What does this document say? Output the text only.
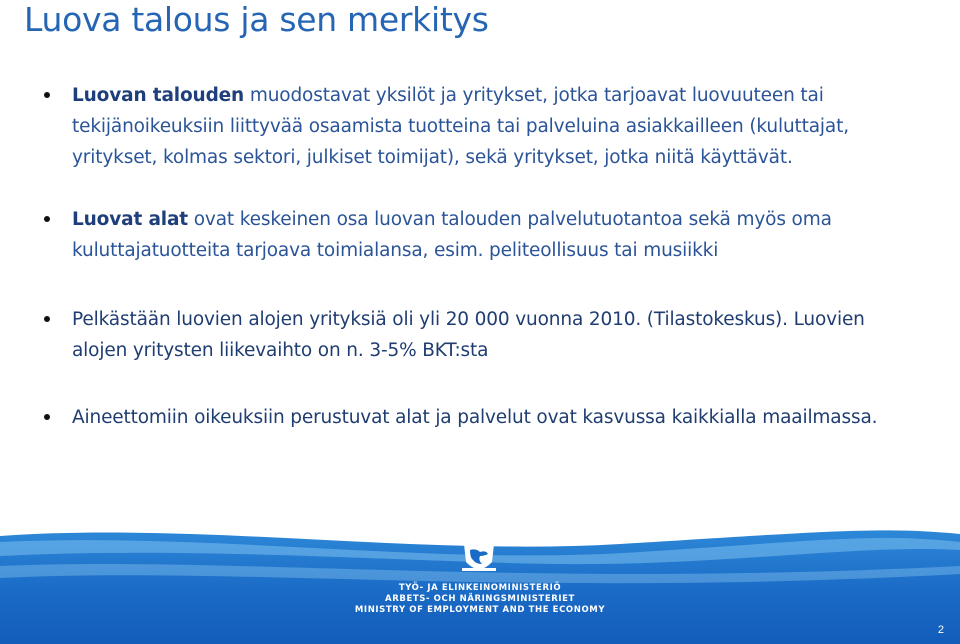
Luova talous ja sen merkitys
Luovan talouden muodostavat yksilöt ja yritykset, jotka tarjoavat luovuuteen tai
tekijänoikeuksiin liittyvää osaamista tuotteina tai palveluina asiakkailleen (kuluttajat,
yritykset, kolmas sektori, julkiset toimijat), sekä yritykset, jotka niitä käyttävät.
Luovat alat ovat keskeinen osa luovan talouden palvelutuotantoa sekä myös oma
kuluttajatuotteita tarjoava toimialansa, esim. peliteollisuus tai musiikki
Pelkästään luovien alojen yrityksiä oli yli 20 000 vuonna 2010. (Tilastokeskus). Luovien
alojen yritysten liikevaihto on n. 3-5% BKT:sta
Aineettomiin oikeuksiin perustuvat alat ja palvelut ovat kasvussa kaikkialla maailmassa.
TYÖ- JA ELINKEINOMINISTERIÖ
ARBETS- OCH NÄRINGSMINISTERIET
MINISTRY OF EMPLOYMENT AND THE ECONOMY
2
